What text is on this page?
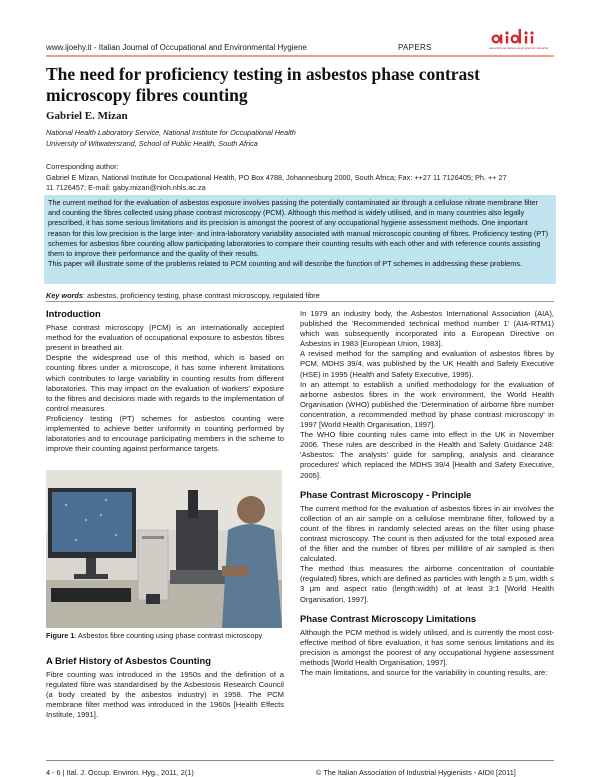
www.ijoehy.it - Italian Journal of Occupational and Environmental Hygiene	PAPERS	associazione italiana degli igienisti industriali
The need for proficiency testing in asbestos phase contrast microscopy fibres counting
Gabriel E. Mizan
National Health Laboratory Service, National Institute for Occupational Health
University of Witwatersrand, School of Public Health, South Africa
Corresponding author:
Gabriel E Mizan, National Institute for Occupational Health, PO Box 4788, Johannesburg 2000, South Africa; Fax: ++27 11 7126405; Ph. ++ 27
11 7126457; E-mail: gaby.mizan@nioh.nhls.ac.za
The current method for the evaluation of asbestos exposure involves passing the potentially contaminated air through a cellulose nitrate membrane filter and counting the fibres collected using phase contrast microscopy (PCM). Although this method is widely utilised, and in many countries also legally prescribed, it has some serious limitations and its precision is amongst the poorest of any occupational hygiene assessment methods. One important reason for this low precision is the large inter- and intra-laboratory variability associated with manual microscopic counting of fibres. Proficiency testing (PT) schemes for asbestos fibre counting allow participating laboratories to compare their counting results with each other and with reference counts assisting them to improve their performance and the quality of their results.
This paper will illustrate some of the problems related to PCM counting and will describe the function of PT schemes in addressing these problems.
Key words: asbestos, proficiency testing, phase contrast microscopy, regulated fibre
Introduction

Phase contrast microscopy (PCM) is an internationally accepted method for the evaluation of occupational exposure to asbestos fibres present in breathed air.

Despite the widespread use of this method, which is based on counting fibres under a microscope, it has some inherent limitations which contributes to large variability in counting results from different laboratories. This may impact on the evaluation of workers' exposure to the fibres and decisions made with regards to the implementation of control measures.

Proficiency testing (PT) schemes for asbestos counting were implemented to achieve better uniformity in counting performed by laboratories and to encourage participating members in the scheme to improve their counting against performance targets.

Figure 1: Asbestos fibre counting using phase contrast microscopy
A Brief History of Asbestos Counting

Fibre counting was introduced in the 1950s and the definition of a regulated fibre was standardised by the Asbestosis Research Council (a body created by the asbestos industry) in 1958. The PCM membrane filter method was introduced in the 1960s [Health Effects Institute, 1991].

In 1979 an industry body, the Asbestos International Association (AIA), published the 'Recommended technical method number 1' (AIA-RTM1) which was subsequently incorporated into a European Directive on Asbestos in 1983 [European Union, 1983].

A revised method for the sampling and evaluation of asbestos fibres by PCM, MDHS 39/4, was published by the UK Health and Safety Executive (HSE) in 1995 (Health and Safety Executive, 1995).

In an attempt to establish a unified methodology for the evaluation of airborne asbestos fibres in the work environment, the World Health Organisation (WHO) published the 'Determination of airborne fibre number concentration, a recommended method by phase contrast microscopy' in 1997 [World Health Organisation, 1997].

The WHO fibre counting rules came into effect in the UK in November 2006. These rules are described in the Health and Safety Guidance 248: 'Asbestos: The analysts' guide for sampling, analysis and clearance procedures' which replaced the MDHS 39/4 [Health and Safety Executive, 2005].

Phase Contrast Microscopy - Principle

The current method for the evaluation of asbestos fibres in air involves the collection of an air sample on a cellulose membrane filter, followed by a count of the fibres in randomly selected areas on the filter using phase contrast microscopy. The count is then adjusted for the total exposed area of the filter and the number of fibres per millilitre of air sampled is then calculated.

The method thus measures the airborne concentration of countable (regulated) fibres, which are defined as particles with length ≥ 5 μm, width ≤ 3 μm and aspect ratio (length:width) of at least 3:1 [World Health Organisation, 1997].

Phase Contrast Microscopy Limitations

Although the PCM method is widely utilised, and is currently the most cost-effective method of fibre evaluation, it has some serious limitations and its precision is amongst the poorest of any occupational hygiene assessment methods [World Health Organisation, 1997].

The main limitations, and source for the variability in counting results, are:

4 - 6 | Ital. J. Occup. Environ. Hyg., 2011, 2(1)	© The Italian Association of Industrial Hygienists - AIDII [2011]
